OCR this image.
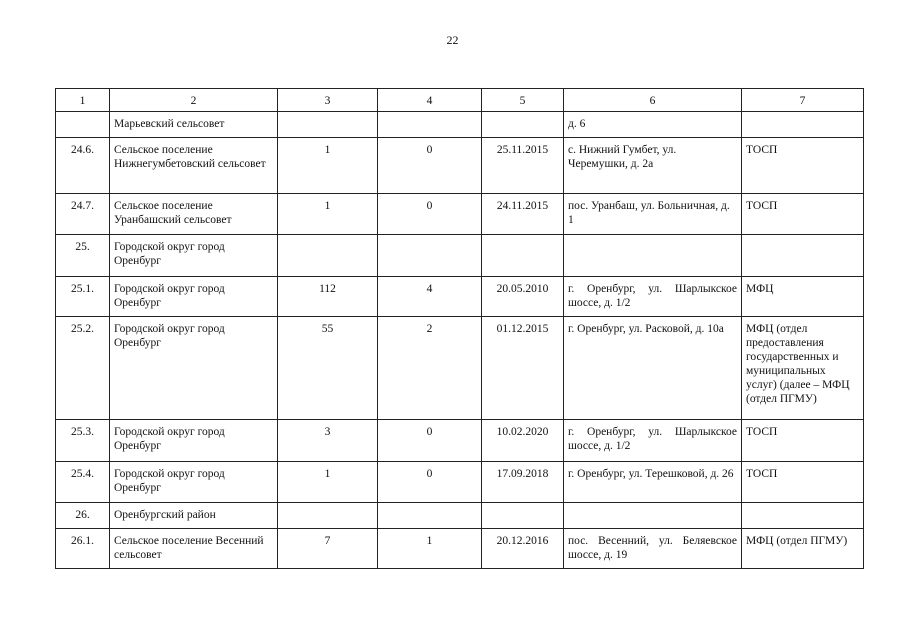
22
1	2	3	4	5	6	7
	Марьевский сельсовет				д. 6	
24.6.	Сельское поселение Нижнегумбетовский сельсовет	1	0	25.11.2015	с. Нижний Гумбет, ул. Черемушки, д. 2а	ТОСП
24.7.	Сельское поселение Уранбашский сельсовет	1	0	24.11.2015	пос. Уранбаш, ул. Больничная, д. 1	ТОСП
25.	Городской округ город Оренбург					
25.1.	Городской округ город Оренбург	112	4	20.05.2010	г. Оренбург, ул. Шарлыкское шоссе, д. 1/2	МФЦ
25.2.	Городской округ город Оренбург	55	2	01.12.2015	г. Оренбург, ул. Расковой, д. 10а	МФЦ (отдел предоставления государственных и муниципальных услуг) (далее – МФЦ (отдел ПГМУ)
25.3.	Городской округ город Оренбург	3	0	10.02.2020	г. Оренбург, ул. Шарлыкское шоссе, д. 1/2	ТОСП
25.4.	Городской округ город Оренбург	1	0	17.09.2018	г. Оренбург, ул. Терешковой, д. 26	ТОСП
26.	Оренбургский район					
26.1.	Сельское поселение Весенний сельсовет	7	1	20.12.2016	пос. Весенний, ул. Беляевское шоссе, д. 19	МФЦ (отдел ПГМУ)
